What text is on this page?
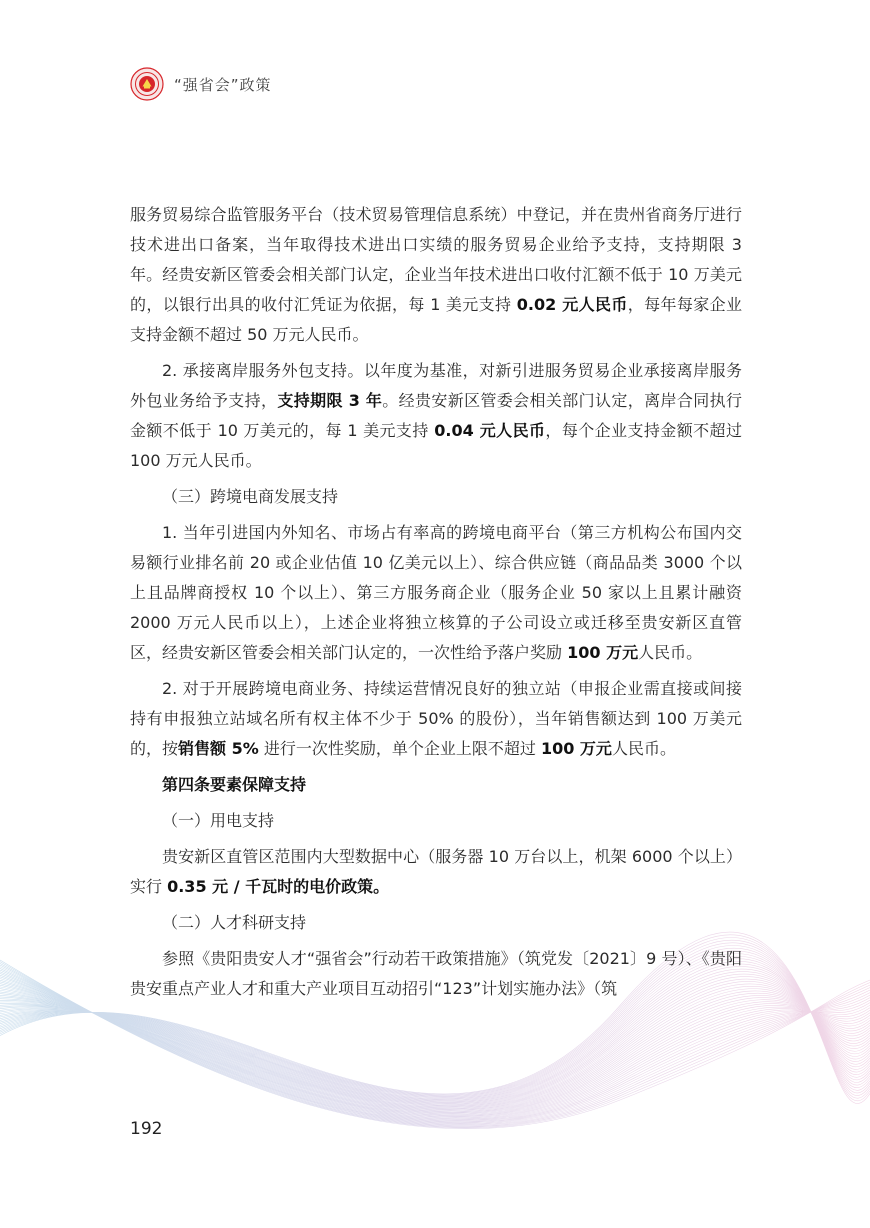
“强省会”政策

服务贸易综合监管服务平台（技术贸易管理信息系统）中登记，并在贵州省商务厅进行技术进出口备案，当年取得技术进出口实绩的服务贸易企业给予支持，支持期限 3 年。经贵安新区管委会相关部门认定，企业当年技术进出口收付汇额不低于 10 万美元的，以银行出具的收付汇凭证为依据，每 1 美元支持 0.02 元人民币，每年每家企业支持金额不超过 50 万元人民币。

2. 承接离岸服务外包支持。以年度为基准，对新引进服务贸易企业承接离岸服务外包业务给予支持，支持期限 3 年。经贵安新区管委会相关部门认定，离岸合同执行金额不低于 10 万美元的，每 1 美元支持 0.04 元人民币，每个企业支持金额不超过 100 万元人民币。

（三）跨境电商发展支持

1. 当年引进国内外知名、市场占有率高的跨境电商平台（第三方机构公布国内交易额行业排名前 20 或企业估值 10 亿美元以上）、综合供应链（商品品类 3000 个以上且品牌商授权 10 个以上）、第三方服务商企业（服务企业 50 家以上且累计融资 2000 万元人民币以上），上述企业将独立核算的子公司设立或迁移至贵安新区直管区，经贵安新区管委会相关部门认定的，一次性给予落户奖励 100 万元人民币。

2. 对于开展跨境电商业务、持续运营情况良好的独立站（申报企业需直接或间接持有申报独立站域名所有权主体不少于 50% 的股份），当年销售额达到 100 万美元的，按销售额 5% 进行一次性奖励，单个企业上限不超过 100 万元人民币。

第四条要素保障支持

（一）用电支持

贵安新区直管区范围内大型数据中心（服务器 10 万台以上，机架 6000 个以上）实行 0.35 元 / 千瓦时的电价政策。

（二）人才科研支持

参照《贵阳贵安人才“强省会”行动若干政策措施》（筑党发〔2021〕9 号）、《贵阳贵安重点产业人才和重大产业项目互动招引“123”计划实施办法》（筑

192
